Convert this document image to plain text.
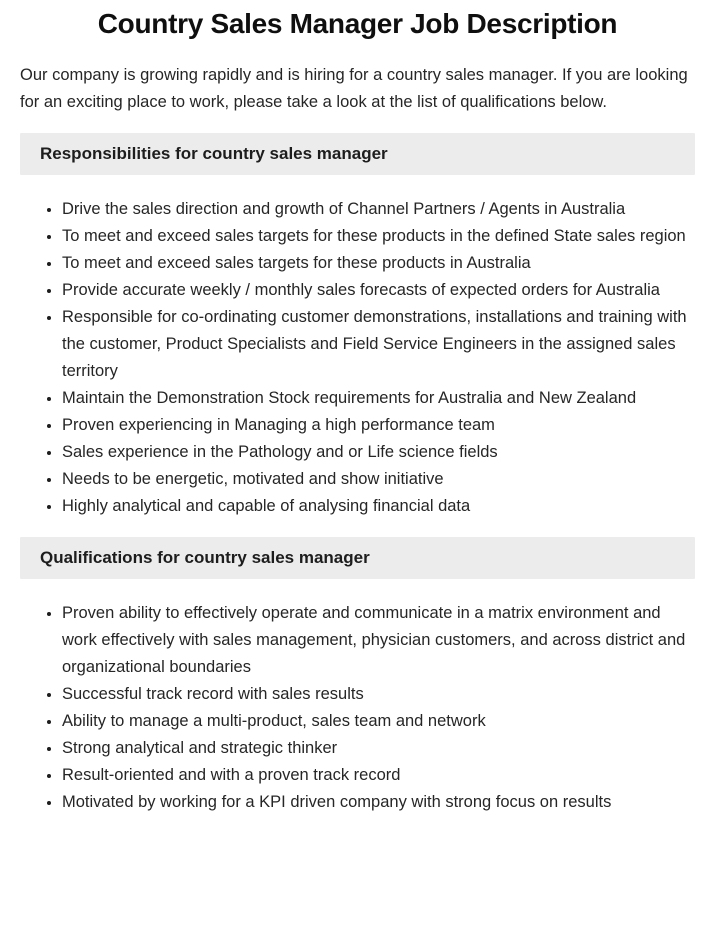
Country Sales Manager Job Description

Our company is growing rapidly and is hiring for a country sales manager. If you are looking for an exciting place to work, please take a look at the list of qualifications below.

Responsibilities for country sales manager
• Drive the sales direction and growth of Channel Partners / Agents in Australia
• To meet and exceed sales targets for these products in the defined State sales region
• To meet and exceed sales targets for these products in Australia
• Provide accurate weekly / monthly sales forecasts of expected orders for Australia
• Responsible for co-ordinating customer demonstrations, installations and training with the customer, Product Specialists and Field Service Engineers in the assigned sales territory
• Maintain the Demonstration Stock requirements for Australia and New Zealand
• Proven experiencing in Managing a high performance team
• Sales experience in the Pathology and or Life science fields
• Needs to be energetic, motivated and show initiative
• Highly analytical and capable of analysing financial data
Qualifications for country sales manager
• Proven ability to effectively operate and communicate in a matrix environment and work effectively with sales management, physician customers, and across district and organizational boundaries
• Successful track record with sales results
• Ability to manage a multi-product, sales team and network
• Strong analytical and strategic thinker
• Result-oriented and with a proven track record
• Motivated by working for a KPI driven company with strong focus on results
